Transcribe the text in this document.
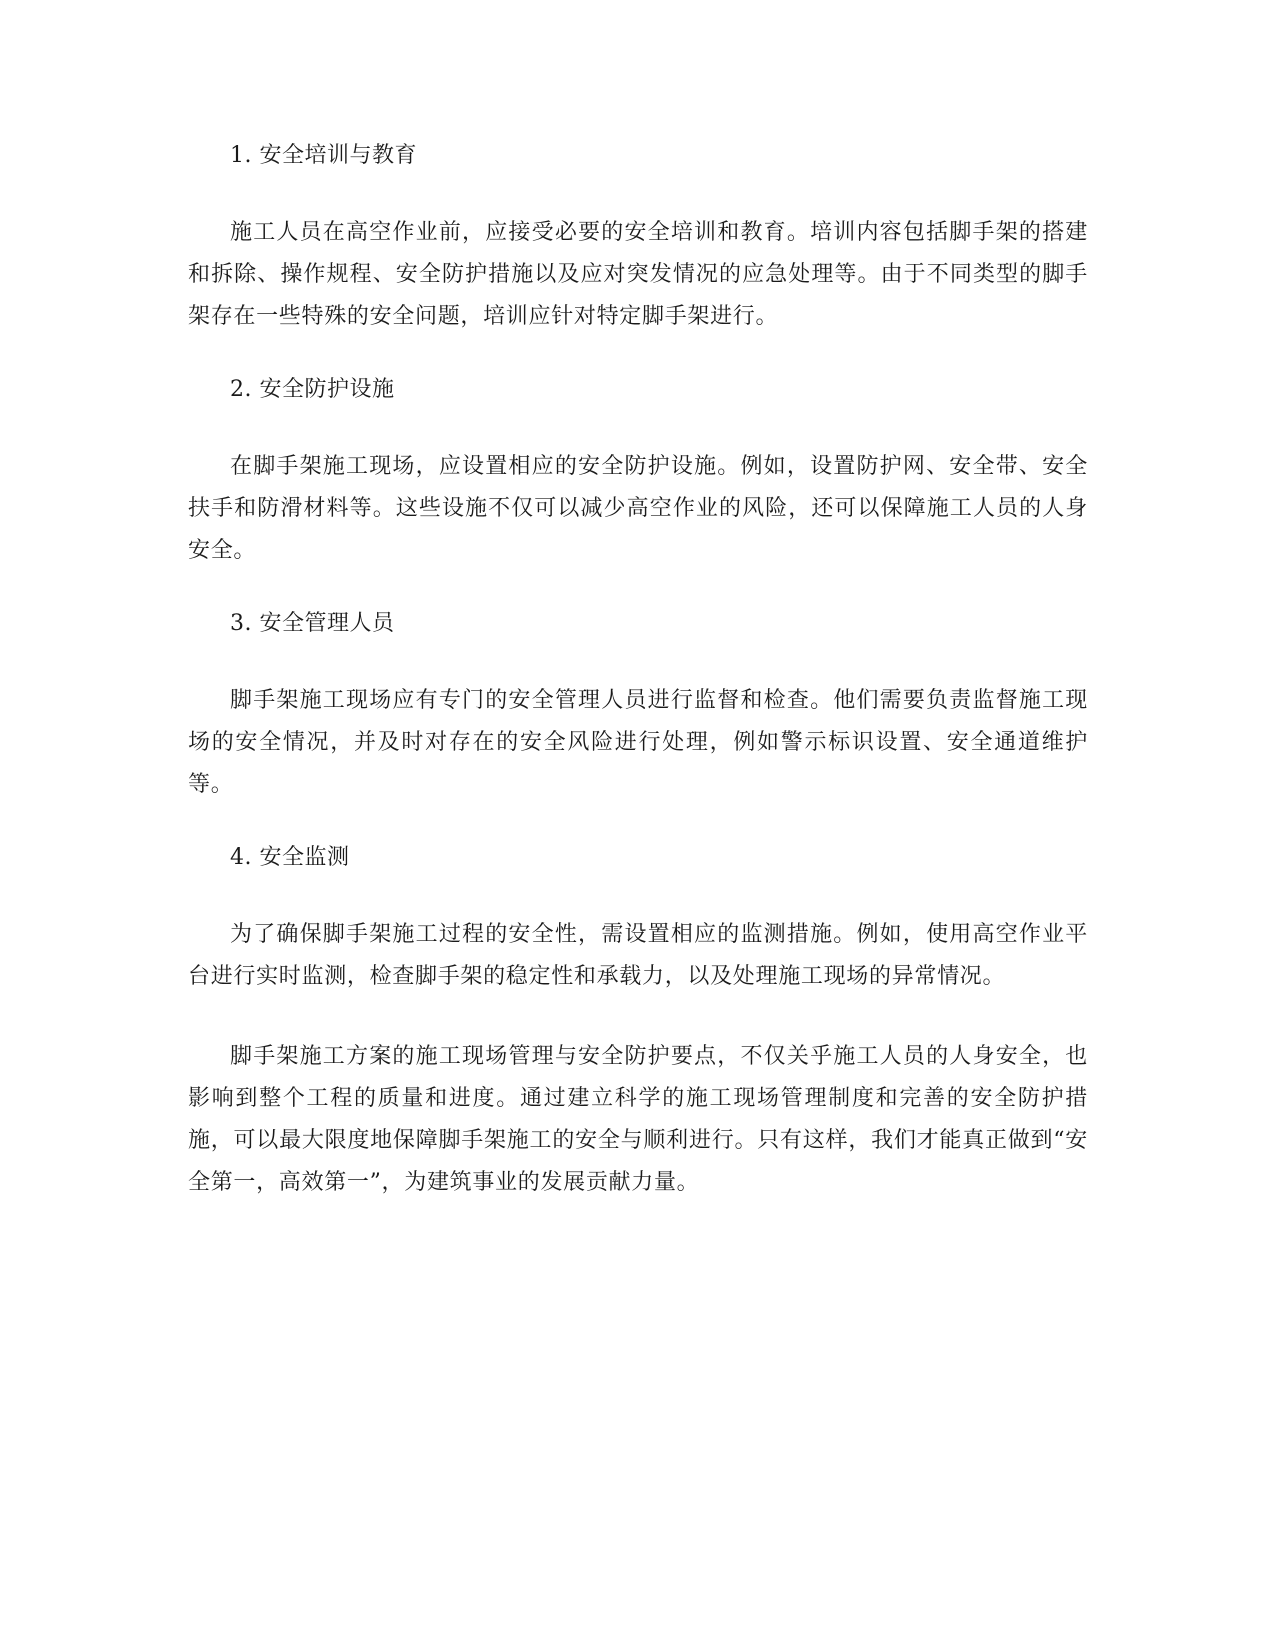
1. 安全培训与教育

施工人员在高空作业前，应接受必要的安全培训和教育。培训内容包括脚手架的搭建和拆除、操作规程、安全防护措施以及应对突发情况的应急处理等。由于不同类型的脚手架存在一些特殊的安全问题，培训应针对特定脚手架进行。

2. 安全防护设施

在脚手架施工现场，应设置相应的安全防护设施。例如，设置防护网、安全带、安全扶手和防滑材料等。这些设施不仅可以减少高空作业的风险，还可以保障施工人员的人身安全。

3. 安全管理人员

脚手架施工现场应有专门的安全管理人员进行监督和检查。他们需要负责监督施工现场的安全情况，并及时对存在的安全风险进行处理，例如警示标识设置、安全通道维护等。

4. 安全监测

为了确保脚手架施工过程的安全性，需设置相应的监测措施。例如，使用高空作业平台进行实时监测，检查脚手架的稳定性和承载力，以及处理施工现场的异常情况。

脚手架施工方案的施工现场管理与安全防护要点，不仅关乎施工人员的人身安全，也影响到整个工程的质量和进度。通过建立科学的施工现场管理制度和完善的安全防护措施，可以最大限度地保障脚手架施工的安全与顺利进行。只有这样，我们才能真正做到“安全第一，高效第一”，为建筑事业的发展贡献力量。
